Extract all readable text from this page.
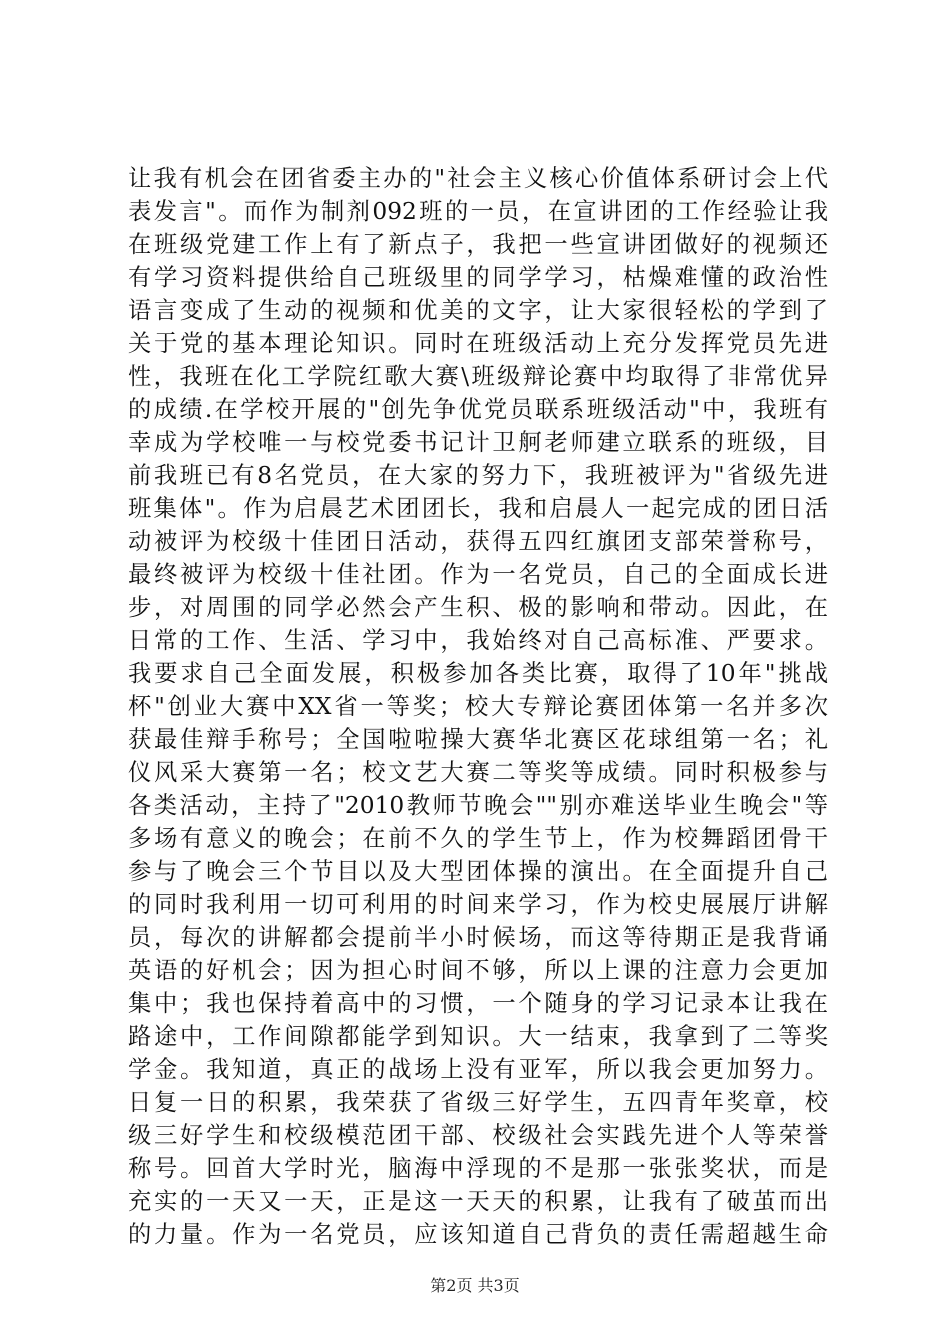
让我有机会在团省委主办的"社会主义核心价值体系研讨会上代
表发言"。而作为制剂092班的一员，在宣讲团的工作经验让我
在班级党建工作上有了新点子，我把一些宣讲团做好的视频还
有学习资料提供给自己班级里的同学学习，枯燥难懂的政治性
语言变成了生动的视频和优美的文字，让大家很轻松的学到了
关于党的基本理论知识。同时在班级活动上充分发挥党员先进
性，我班在化工学院红歌大赛\班级辩论赛中均取得了非常优异
的成绩.在学校开展的"创先争优党员联系班级活动"中，我班有
幸成为学校唯一与校党委书记计卫舸老师建立联系的班级，目
前我班已有8名党员，在大家的努力下，我班被评为"省级先进
班集体"。作为启晨艺术团团长，我和启晨人一起完成的团日活
动被评为校级十佳团日活动，获得五四红旗团支部荣誉称号，
最终被评为校级十佳社团。作为一名党员，自己的全面成长进
步，对周围的同学必然会产生积、极的影响和带动。因此，在
日常的工作、生活、学习中，我始终对自己高标准、严要求。
我要求自己全面发展，积极参加各类比赛，取得了10年"挑战
杯"创业大赛中XX省一等奖；校大专辩论赛团体第一名并多次
获最佳辩手称号；全国啦啦操大赛华北赛区花球组第一名；礼
仪风采大赛第一名；校文艺大赛二等奖等成绩。同时积极参与
各类活动，主持了"2010教师节晚会""别亦难送毕业生晚会"等
多场有意义的晚会；在前不久的学生节上，作为校舞蹈团骨干
参与了晚会三个节目以及大型团体操的演出。在全面提升自己
的同时我利用一切可利用的时间来学习，作为校史展展厅讲解
员，每次的讲解都会提前半小时候场，而这等待期正是我背诵
英语的好机会；因为担心时间不够，所以上课的注意力会更加
集中；我也保持着高中的习惯，一个随身的学习记录本让我在
路途中，工作间隙都能学到知识。大一结束，我拿到了二等奖
学金。我知道，真正的战场上没有亚军，所以我会更加努力。
日复一日的积累，我荣获了省级三好学生，五四青年奖章，校
级三好学生和校级模范团干部、校级社会实践先进个人等荣誉
称号。回首大学时光，脑海中浮现的不是那一张张奖状，而是
充实的一天又一天，正是这一天天的积累，让我有了破茧而出
的力量。作为一名党员，应该知道自己背负的责任需超越生命
第2页 共3页
